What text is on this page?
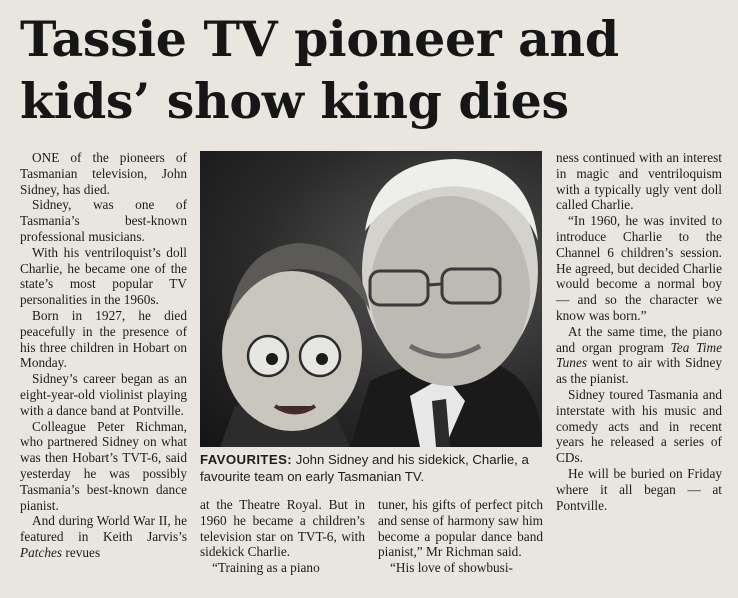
Tassie TV pioneer and
kids’ show king dies

ONE of the pioneers of Tasmanian television, John Sidney, has died.

Sidney, was one of Tasmania’s best-known professional musicians.

With his ventriloquist’s doll Charlie, he became one of the state’s most popular TV personalities in the 1960s.

Born in 1927, he died peacefully in the presence of his three children in Hobart on Monday.

Sidney’s career began as an eight-year-old violinist playing with a dance band at Pontville.

Colleague Peter Richman, who partnered Sidney on what was then Hobart’s TVT-6, said yesterday he was possibly Tasmania’s best-known dance pianist.

And during World War II, he featured in Keith Jarvis’s Patches revues

FAVOURITES: John Sidney and his sidekick, Charlie, a favourite team on early Tasmanian TV.

at the Theatre Royal. But in 1960 he became a children’s television star on TVT-6, with sidekick Charlie.

“Training as a piano

tuner, his gifts of perfect pitch and sense of harmony saw him become a popular dance band pianist,” Mr Richman said.

“His love of showbusi-

ness continued with an interest in magic and ventriloquism with a typically ugly vent doll called Charlie.

“In 1960, he was invited to introduce Charlie to the Channel 6 children’s session. He agreed, but decided Charlie would become a normal boy — and so the character we know was born.”

At the same time, the piano and organ program Tea Time Tunes went to air with Sidney as the pianist.

Sidney toured Tasmania and interstate with his music and comedy acts and in recent years he released a series of CDs.

He will be buried on Friday where it all began — at Pontville.
